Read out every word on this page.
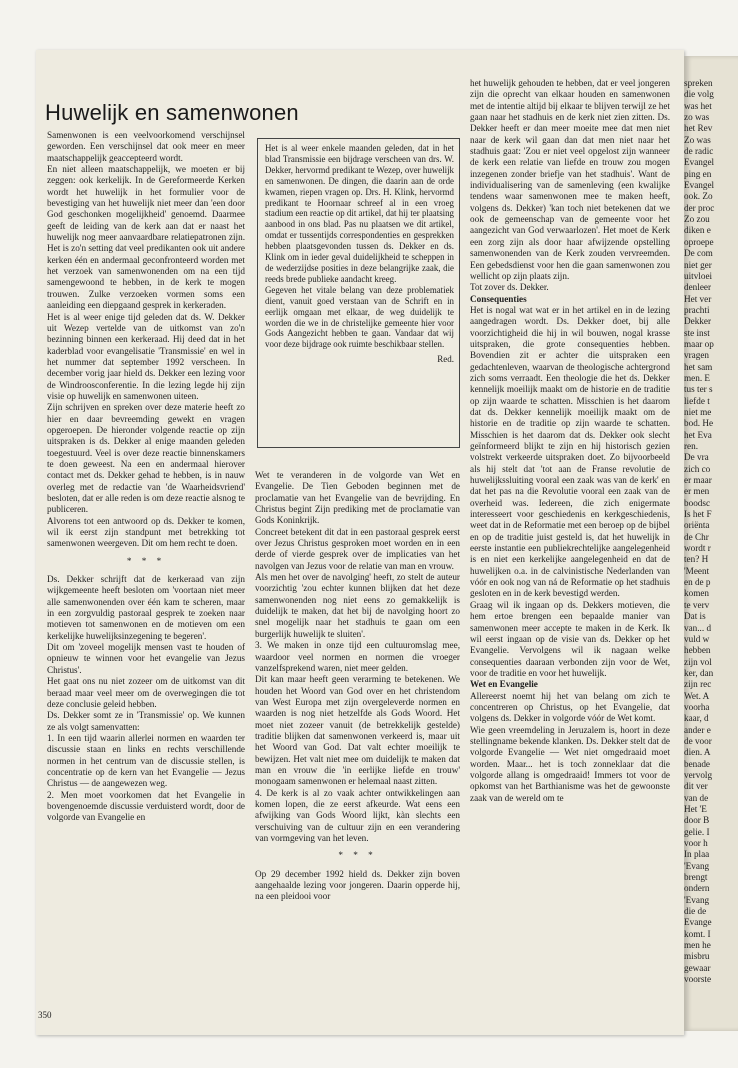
spreken
die volg
was het
zo was
het Rev
Zo was
de radic
Evangel
ping en
Evangel
ook. Zo
der proc
Zo zou
diken e
oproepe
De com
niet ger
uitvloei
denleer
Het ver
prachti
Dekker
ste inst
maar op
vragen
het sam
men. E
tus ter s
liefde t
niet me
bod. He
het Eva
ren.
De vra
zich co
er maar
er men
boodsc
Is het F
oriënta
de Chr
wordt r
ten? H
'Meent
en de p
komen
te verv
Dat is
van... d
vuld w
hebben
zijn vol
ker, dan
zijn rec
Wet. A
voorha
kaar, d
ander e
de voor
dien. A
benade
vervolg
dit ver
van de
Het 'E
door B
gelie. I
voor h
In plaa
'Evang
brengt
ondern
'Evang
die de
Evange
komt. I
men he
misbru
gewaar
voorste
Huwelijk en samenwonen

Samenwonen is een veelvoorkomend verschijnsel geworden. Een verschijnsel dat ook meer en meer maatschappelijk geaccepteerd wordt.

En niet alleen maatschappelijk, we moeten er bij zeggen: ook kerkelijk. In de Gereformeerde Kerken wordt het huwelijk in het formulier voor de bevestiging van het huwelijk niet meer dan 'een door God geschonken mogelijkheid' genoemd. Daarmee geeft de leiding van de kerk aan dat er naast het huwelijk nog meer aanvaardbare relatiepatronen zijn. Het is zo'n setting dat veel predikanten ook uit andere kerken één en andermaal geconfronteerd worden met het verzoek van samenwonenden om na een tijd samengewoond te hebben, in de kerk te mogen trouwen. Zulke verzoeken vormen soms een aanleiding een diepgaand gesprek in kerkeraden.

Het is al weer enige tijd geleden dat ds. W. Dekker uit Wezep vertelde van de uitkomst van zo'n bezinning binnen een kerkeraad. Hij deed dat in het kaderblad voor evangelisatie 'Transmissie' en wel in het nummer dat september 1992 verscheen. In december vorig jaar hield ds. Dekker een lezing voor de Windroosconferentie. In die lezing legde hij zijn visie op huwelijk en samenwonen uiteen.

Zijn schrijven en spreken over deze materie heeft zo hier en daar bevreemding gewekt en vragen opgeroepen. De hieronder volgende reactie op zijn uitspraken is ds. Dekker al enige maanden geleden toegestuurd. Veel is over deze reactie binnenskamers te doen geweest. Na een en andermaal hierover contact met ds. Dekker gehad te hebben, is in nauw overleg met de redactie van 'de Waarheidsvriend' besloten, dat er alle reden is om deze reactie alsnog te publiceren.

Alvorens tot een antwoord op ds. Dekker te komen, wil ik eerst zijn standpunt met betrekking tot samenwonen weergeven. Dit om hem recht te doen.

* * *

Ds. Dekker schrijft dat de kerkeraad van zijn wijkgemeente heeft besloten om 'voortaan niet meer alle samenwonenden over één kam te scheren, maar in een zorgvuldig pastoraal gesprek te zoeken naar motieven tot samenwonen en de motieven om een kerkelijke huwelijksinzegening te begeren'.

Dit om 'zoveel mogelijk mensen vast te houden of opnieuw te winnen voor het evangelie van Jezus Christus'.

Het gaat ons nu niet zozeer om de uitkomst van dit beraad maar veel meer om de overwegingen die tot deze conclusie geleid hebben.

Ds. Dekker somt ze in 'Transmissie' op. We kunnen ze als volgt samenvatten:

1. In een tijd waarin allerlei normen en waarden ter discussie staan en links en rechts verschillende normen in het centrum van de discussie stellen, is concentratie op de kern van het Evangelie — Jezus Christus — de aangewezen weg.

2. Men moet voorkomen dat het Evangelie in bovengenoemde discussie verduisterd wordt, door de volgorde van Evangelie en

Het is al weer enkele maanden geleden, dat in het blad Transmissie een bijdrage verscheen van drs. W. Dekker, hervormd predikant te Wezep, over huwelijk en samenwonen. De dingen, die daarin aan de orde kwamen, riepen vragen op. Drs. H. Klink, hervormd predikant te Hoornaar schreef al in een vroeg stadium een reactie op dit artikel, dat hij ter plaatsing aanbood in ons blad. Pas nu plaatsen we dit artikel, omdat er tussentijds correspondenties en gesprekken hebben plaatsgevonden tussen ds. Dekker en ds. Klink om in ieder geval duidelijkheid te scheppen in de wederzijdse posities in deze belangrijke zaak, die reeds brede publieke aandacht kreeg.

Gegeven het vitale belang van deze problematiek dient, vanuit goed verstaan van de Schrift en in eerlijk omgaan met elkaar, de weg duidelijk te worden die we in de christelijke gemeente hier voor Gods Aangezicht hebben te gaan. Vandaar dat wij voor deze bijdrage ook ruimte beschikbaar stellen.

Red.

Wet te veranderen in de volgorde van Wet en Evangelie. De Tien Geboden beginnen met de proclamatie van het Evangelie van de bevrijding. En Christus begint Zijn prediking met de proclamatie van Gods Koninkrijk.

Concreet betekent dit dat in een pastoraal gesprek eerst over Jezus Christus gesproken moet worden en in een derde of vierde gesprek over de implicaties van het navolgen van Jezus voor de relatie van man en vrouw.

Als men het over de navolging' heeft, zo stelt de auteur voorzichtig 'zou echter kunnen blijken dat het deze samenwonenden nog niet eens zo gemakkelijk is duidelijk te maken, dat het bij de navolging hoort zo snel mogelijk naar het stadhuis te gaan om een burgerlijk huwelijk te sluiten'.

3. We maken in onze tijd een cultuuromslag mee, waardoor veel normen en normen die vroeger vanzelfsprekend waren, niet meer gelden.

Dit kan maar heeft geen verarming te betekenen. We houden het Woord van God over en het christendom van West Europa met zijn overgeleverde normen en waarden is nog niet hetzelfde als Gods Woord. Het moet niet zozeer vanuit (de betrekkelijk gestelde) traditie blijken dat samenwonen verkeerd is, maar uit het Woord van God. Dat valt echter moeilijk te bewijzen. Het valt niet mee om duidelijk te maken dat man en vrouw die 'in eerlijke liefde en trouw' monogaam samenwonen er helemaal naast zitten.

4. De kerk is al zo vaak achter ontwikkelingen aan komen lopen, die ze eerst afkeurde. Wat eens een afwijking van Gods Woord lijkt, kàn slechts een verschuiving van de cultuur zijn en een verandering van vormgeving van het leven.

* * *

Op 29 december 1992 hield ds. Dekker zijn boven aangehaalde lezing voor jongeren. Daarin opperde hij, na een pleidooi voor

het huwelijk gehouden te hebben, dat er veel jongeren zijn die oprecht van elkaar houden en samenwonen met de intentie altijd bij elkaar te blijven terwijl ze het gaan naar het stadhuis en de kerk niet zien zitten. Ds. Dekker heeft er dan meer moeite mee dat men niet naar de kerk wil gaan dan dat men niet naar het stadhuis gaat: 'Zou er niet veel opgelost zijn wanneer de kerk een relatie van liefde en trouw zou mogen inzegenen zonder briefje van het stadhuis'. Want de individualisering van de samenleving (een kwalijke tendens waar samenwonen mee te maken heeft, volgens ds. Dekker) 'kan toch niet betekenen dat we ook de gemeenschap van de gemeente voor het aangezicht van God verwaarlozen'. Het moet de Kerk een zorg zijn als door haar afwijzende opstelling samenwonenden van de Kerk zouden vervreemden. Een gebedsdienst voor hen die gaan samenwonen zou wellicht op zijn plaats zijn.

Tot zover ds. Dekker.

Consequenties

Het is nogal wat wat er in het artikel en in de lezing aangedragen wordt. Ds. Dekker doet, bij alle voorzichtigheid die hij in wil bouwen, nogal krasse uitspraken, die grote consequenties hebben. Bovendien zit er achter die uitspraken een gedachtenleven, waarvan de theologische achtergrond zich soms verraadt. Een theologie die het ds. Dekker kennelijk moeilijk maakt om de historie en de traditie op zijn waarde te schatten. Misschien is het daarom dat ds. Dekker kennelijk moeilijk maakt om de historie en de traditie op zijn waarde te schatten. Misschien is het daarom dat ds. Dekker ook slecht geïnformeerd blijkt te zijn en hij historisch gezien volstrekt verkeerde uitspraken doet. Zo bijvoorbeeld als hij stelt dat 'tot aan de Franse revolutie de huwelijkssluiting vooral een zaak was van de kerk' en dat het pas na die Revolutie vooral een zaak van de overheid was. Iedereen, die zich enigermate interesseert voor geschiedenis en kerkgeschiedenis, weet dat in de Reformatie met een beroep op de bijbel en op de traditie juist gesteld is, dat het huwelijk in eerste instantie een publiekrechtelijke aangelegenheid is en niet een kerkelijke aangelegenheid en dat de huwelijken o.a. in de calvinistische Nederlanden van vóór en ook nog van ná de Reformatie op het stadhuis gesloten en in de kerk bevestigd werden.

Graag wil ik ingaan op ds. Dekkers motieven, die hem ertoe brengen een bepaalde manier van samenwonen meer accepte te maken in de Kerk. Ik wil eerst ingaan op de visie van ds. Dekker op het Evangelie. Vervolgens wil ik nagaan welke consequenties daaraan verbonden zijn voor de Wet, voor de traditie en voor het huwelijk.

Wet en Evangelie

Allereerst noemt hij het van belang om zich te concentreren op Christus, op het Evangelie, dat volgens ds. Dekker in volgorde vóór de Wet komt.

Wie geen vreemdeling in Jeruzalem is, hoort in deze stellingname bekende klanken. Ds. Dekker stelt dat de volgorde Evangelie — Wet niet omgedraaid moet worden. Maar... het is toch zonneklaar dat die volgorde allang is omgedraaid! Immers tot voor de opkomst van het Barthianisme was het de gewoonste zaak van de wereld om te

350
